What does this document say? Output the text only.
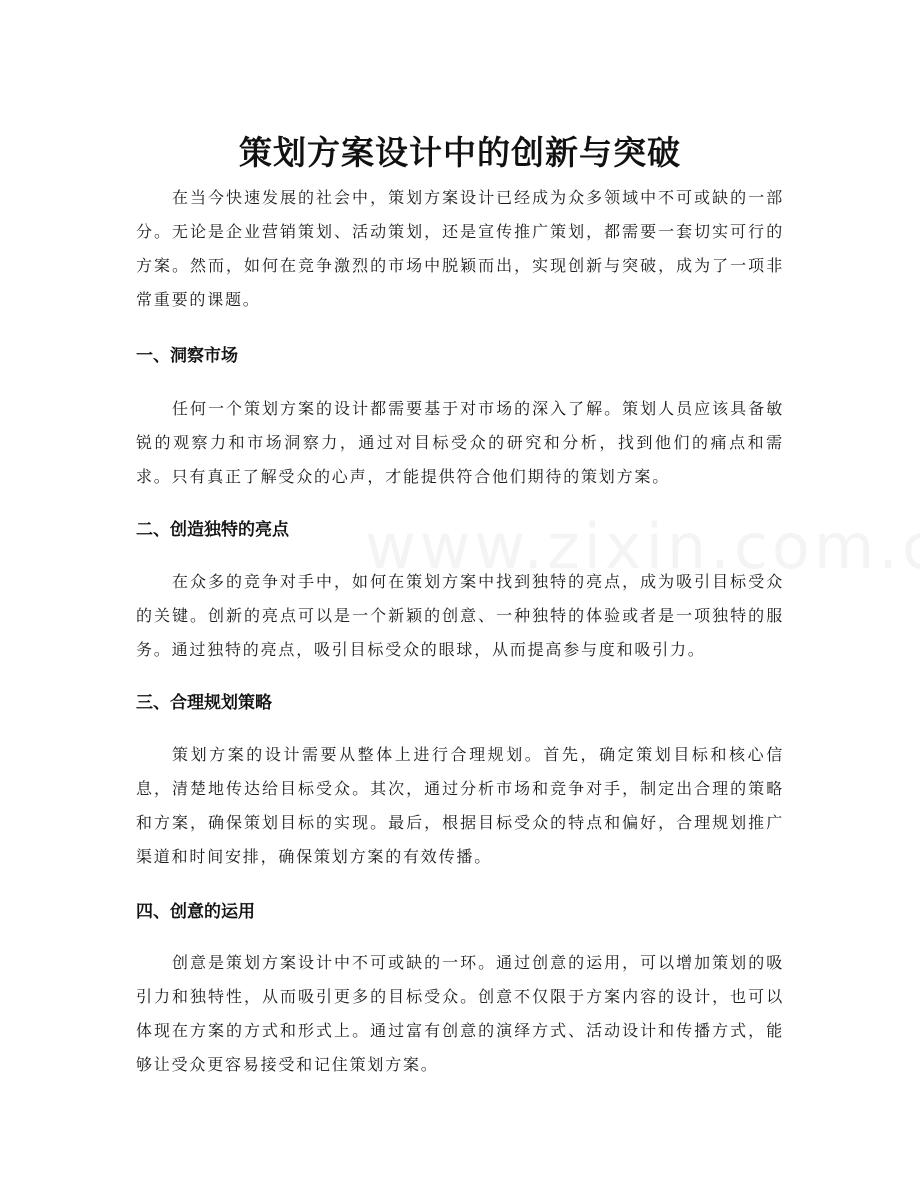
策划方案设计中的创新与突破

在当今快速发展的社会中，策划方案设计已经成为众多领域中不可或缺的一部分。无论是企业营销策划、活动策划，还是宣传推广策划，都需要一套切实可行的方案。然而，如何在竞争激烈的市场中脱颖而出，实现创新与突破，成为了一项非常重要的课题。

一、洞察市场

任何一个策划方案的设计都需要基于对市场的深入了解。策划人员应该具备敏锐的观察力和市场洞察力，通过对目标受众的研究和分析，找到他们的痛点和需求。只有真正了解受众的心声，才能提供符合他们期待的策划方案。

二、创造独特的亮点

在众多的竞争对手中，如何在策划方案中找到独特的亮点，成为吸引目标受众的关键。创新的亮点可以是一个新颖的创意、一种独特的体验或者是一项独特的服务。通过独特的亮点，吸引目标受众的眼球，从而提高参与度和吸引力。

三、合理规划策略

策划方案的设计需要从整体上进行合理规划。首先，确定策划目标和核心信息，清楚地传达给目标受众。其次，通过分析市场和竞争对手，制定出合理的策略和方案，确保策划目标的实现。最后，根据目标受众的特点和偏好，合理规划推广渠道和时间安排，确保策划方案的有效传播。

四、创意的运用

创意是策划方案设计中不可或缺的一环。通过创意的运用，可以增加策划的吸引力和独特性，从而吸引更多的目标受众。创意不仅限于方案内容的设计，也可以体现在方案的方式和形式上。通过富有创意的演绎方式、活动设计和传播方式，能够让受众更容易接受和记住策划方案。
